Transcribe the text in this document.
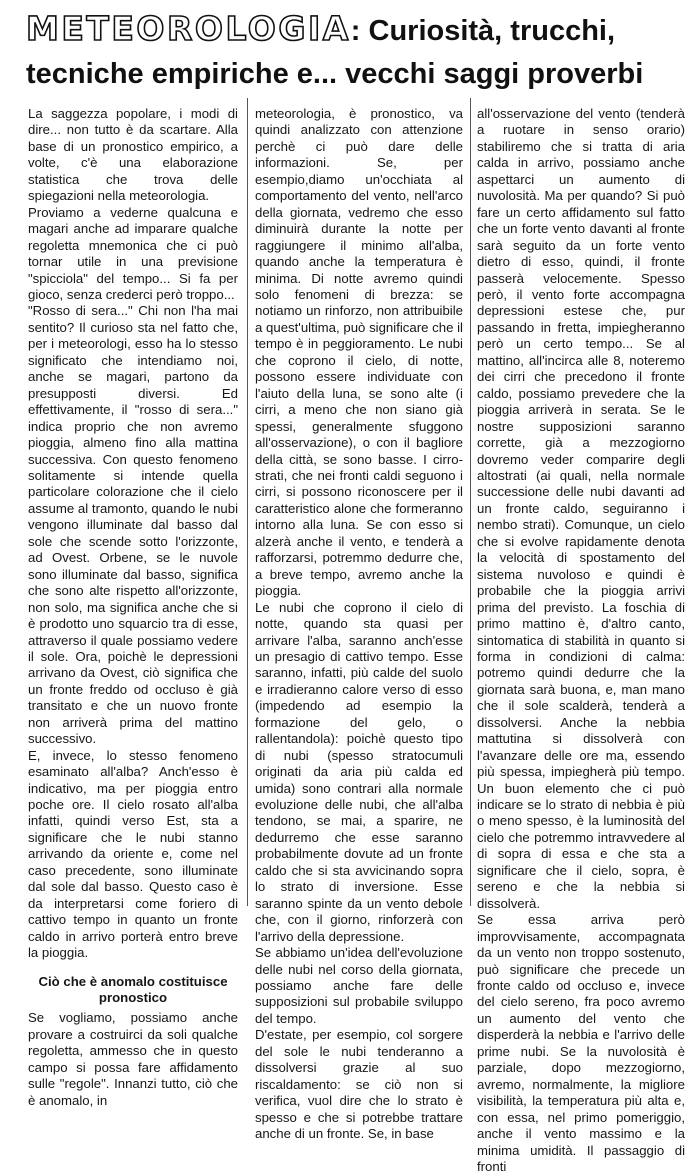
METEOROLOGIA : Curiosità, trucchi,
tecniche empiriche e... vecchi saggi proverbi

La saggezza popolare, i modi di dire... non tutto è da scartare. Alla base di un pronostico empirico, a volte, c'è una elaborazione statistica che trova delle spiegazioni nella meteorologia.

Proviamo a vederne qualcuna e magari anche ad imparare qualche regoletta mnemonica che ci può tornar utile in una previsione "spicciola" del tempo... Si fa per gioco, senza crederci però troppo...

"Rosso di sera..." Chi non l'ha mai sentito? Il curioso sta nel fatto che, per i meteorologi, esso ha lo stesso significato che intendiamo noi, anche se magari, partono da presupposti diversi. Ed effettivamente, il "rosso di sera..." indica proprio che non avremo pioggia, almeno fino alla mattina successiva. Con questo fenomeno solitamente si intende quella particolare colorazione che il cielo assume al tramonto, quando le nubi vengono illuminate dal basso dal sole che scende sotto l'orizzonte, ad Ovest. Orbene, se le nuvole sono illuminate dal basso, significa che sono alte rispetto all'orizzonte, non solo, ma significa anche che si è prodotto uno squarcio tra di esse, attraverso il quale possiamo vedere il sole. Ora, poichè le depressioni arrivano da Ovest, ciò significa che un fronte freddo od occluso è già transitato e che un nuovo fronte non arriverà prima del mattino successivo.

E, invece, lo stesso fenomeno esaminato all'alba? Anch'esso è indicativo, ma per pioggia entro poche ore. Il cielo rosato all'alba infatti, quindi verso Est, sta a significare che le nubi stanno arrivando da oriente e, come nel caso precedente, sono illuminate dal sole dal basso. Questo caso è da interpretarsi come foriero di cattivo tempo in quanto un fronte caldo in arrivo porterà entro breve la pioggia.

Ciò che è anomalo costituisce pronostico

Se vogliamo, possiamo anche provare a costruirci da soli qualche regoletta, ammesso che in questo campo si possa fare affidamento sulle "regole". Innanzi tutto, ciò che è anomalo, in

meteorologia, è pronostico, va quindi analizzato con attenzione perchè ci può dare delle informazioni. Se, per esempio,diamo un'occhiata al comportamento del vento, nell'arco della giornata, vedremo che esso diminuirà durante la notte per raggiungere il minimo all'alba, quando anche la temperatura è minima. Di notte avremo quindi solo fenomeni di brezza: se notiamo un rinforzo, non attribuibile a quest'ultima, può significare che il tempo è in peggioramento. Le nubi che coprono il cielo, di notte, possono essere individuate con l'aiuto della luna, se sono alte (i cirri, a meno che non siano già spessi, generalmente sfuggono all'osservazione), o con il bagliore della città, se sono basse. I cirro-strati, che nei fronti caldi seguono i cirri, si possono riconoscere per il caratteristico alone che formeranno intorno alla luna. Se con esso si alzerà anche il vento, e tenderà a rafforzarsi, potremmo dedurre che, a breve tempo, avremo anche la pioggia.

Le nubi che coprono il cielo di notte, quando sta quasi per arrivare l'alba, saranno anch'esse un presagio di cattivo tempo. Esse saranno, infatti, più calde del suolo e irradieranno calore verso di esso (impedendo ad esempio la formazione del gelo, o rallentandola): poichè questo tipo di nubi (spesso stratocumuli originati da aria più calda ed umida) sono contrari alla normale evoluzione delle nubi, che all'alba tendono, se mai, a sparire, ne dedurremo che esse saranno probabilmente dovute ad un fronte caldo che si sta avvicinando sopra lo strato di inversione. Esse saranno spinte da un vento debole che, con il giorno, rinforzerà con l'arrivo della depressione.

Se abbiamo un'idea dell'evoluzione delle nubi nel corso della giornata, possiamo anche fare delle supposizioni sul probabile sviluppo del tempo.

D'estate, per esempio, col sorgere del sole le nubi tenderanno a dissolversi grazie al suo riscaldamento: se ciò non si verifica, vuol dire che lo strato è spesso e che si potrebbe trattare anche di un fronte. Se, in base

all'osservazione del vento (tenderà a ruotare in senso orario) stabiliremo che si tratta di aria calda in arrivo, possiamo anche aspettarci un aumento di nuvolosità. Ma per quando? Si può fare un certo affidamento sul fatto che un forte vento davanti al fronte sarà seguito da un forte vento dietro di esso, quindi, il fronte passerà velocemente. Spesso però, il vento forte accompagna depressioni estese che, pur passando in fretta, impiegheranno però un certo tempo... Se al mattino, all'incirca alle 8, noteremo dei cirri che precedono il fronte caldo, possiamo prevedere che la pioggia arriverà in serata. Se le nostre supposizioni saranno corrette, già a mezzogiorno dovremo veder comparire degli altostrati (ai quali, nella normale successione delle nubi davanti ad un fronte caldo, seguiranno i nembo strati). Comunque, un cielo che si evolve rapidamente denota la velocità di spostamento del sistema nuvoloso e quindi è probabile che la pioggia arrivi prima del previsto. La foschia di primo mattino è, d'altro canto, sintomatica di stabilità in quanto si forma in condizioni di calma: potremo quindi dedurre che la giornata sarà buona, e, man mano che il sole scalderà, tenderà a dissolversi. Anche la nebbia mattutina si dissolverà con l'avanzare delle ore ma, essendo più spessa, impiegherà più tempo. Un buon elemento che ci può indicare se lo strato di nebbia è più o meno spesso, è la luminosità del cielo che potremmo intravvedere al di sopra di essa e che sta a significare che il cielo, sopra, è sereno e che la nebbia si dissolverà.

Se essa arriva però improvvisamente, accompagnata da un vento non troppo sostenuto, può significare che precede un fronte caldo od occluso e, invece del cielo sereno, fra poco avremo un aumento del vento che disperderà la nebbia e l'arrivo delle prime nubi. Se la nuvolosità è parziale, dopo mezzogiorno, avremo, normalmente, la migliore visibilità, la temperatura più alta e, con essa, nel primo pomeriggio, anche il vento massimo e la minima umidità. Il passaggio di fronti
